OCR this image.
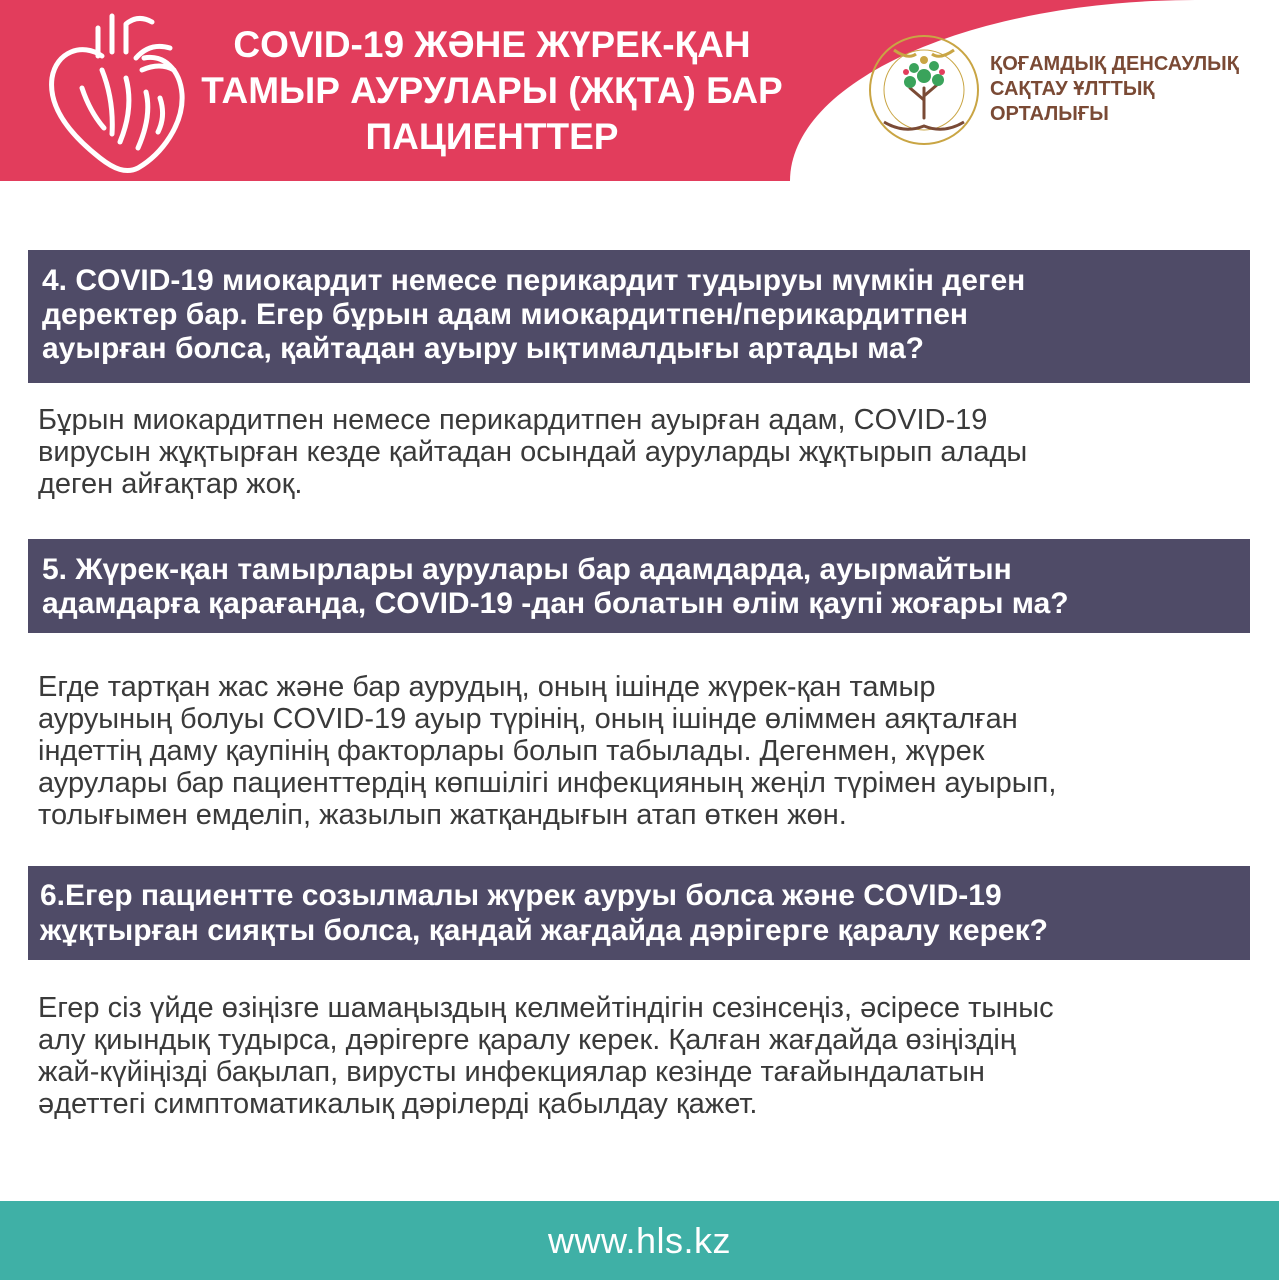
COVID-19 ЖӘНЕ ЖҮРЕК-ҚАН
ТАМЫР АУРУЛАРЫ (ЖҚТА) БАР
ПАЦИЕНТТЕР

ҚОҒАМДЫҚ ДЕНСАУЛЫҚ
САҚТАУ ҰЛТТЫҚ
ОРТАЛЫҒЫ

4. COVID-19 миокардит немесе перикардит тудыруы мүмкін деген
деректер бар. Егер бұрын адам миокардитпен/перикардитпен
ауырған болса, қайтадан ауыру ықтималдығы артады ма?

Бұрын миокардитпен немесе перикардитпен ауырған адам, COVID-19
вирусын жұқтырған кезде қайтадан осындай ауруларды жұқтырып алады
деген айғақтар жоқ.

5. Жүрек-қан тамырлары аурулары бар адамдарда, ауырмайтын
адамдарға қарағанда, COVID-19 -дан болатын өлім қаупі жоғары ма?

Егде тартқан жас және бар аурудың, оның ішінде жүрек-қан тамыр
ауруының болуы COVID-19 ауыр түрінің, оның ішінде өліммен аяқталған
індеттің даму қаупінің факторлары болып табылады. Дегенмен, жүрек
аурулары бар пациенттердің көпшілігі инфекцияның жеңіл түрімен ауырып,
толығымен емделіп, жазылып жатқандығын атап өткен жөн.

6.Егер пациентте созылмалы жүрек ауруы болса және COVID-19
жұқтырған сияқты болса, қандай жағдайда дәрігерге қаралу керек?

Егер сіз үйде өзіңізге шамаңыздың келмейтіндігін сезінсеңіз, әсіресе тыныс
алу қиындық тудырса, дәрігерге қаралу керек. Қалған жағдайда өзіңіздің
жай-күйіңізді бақылап, вирусты инфекциялар кезінде тағайындалатын
әдеттегі симптоматикалық дәрілерді қабылдау қажет.

www.hls.kz
